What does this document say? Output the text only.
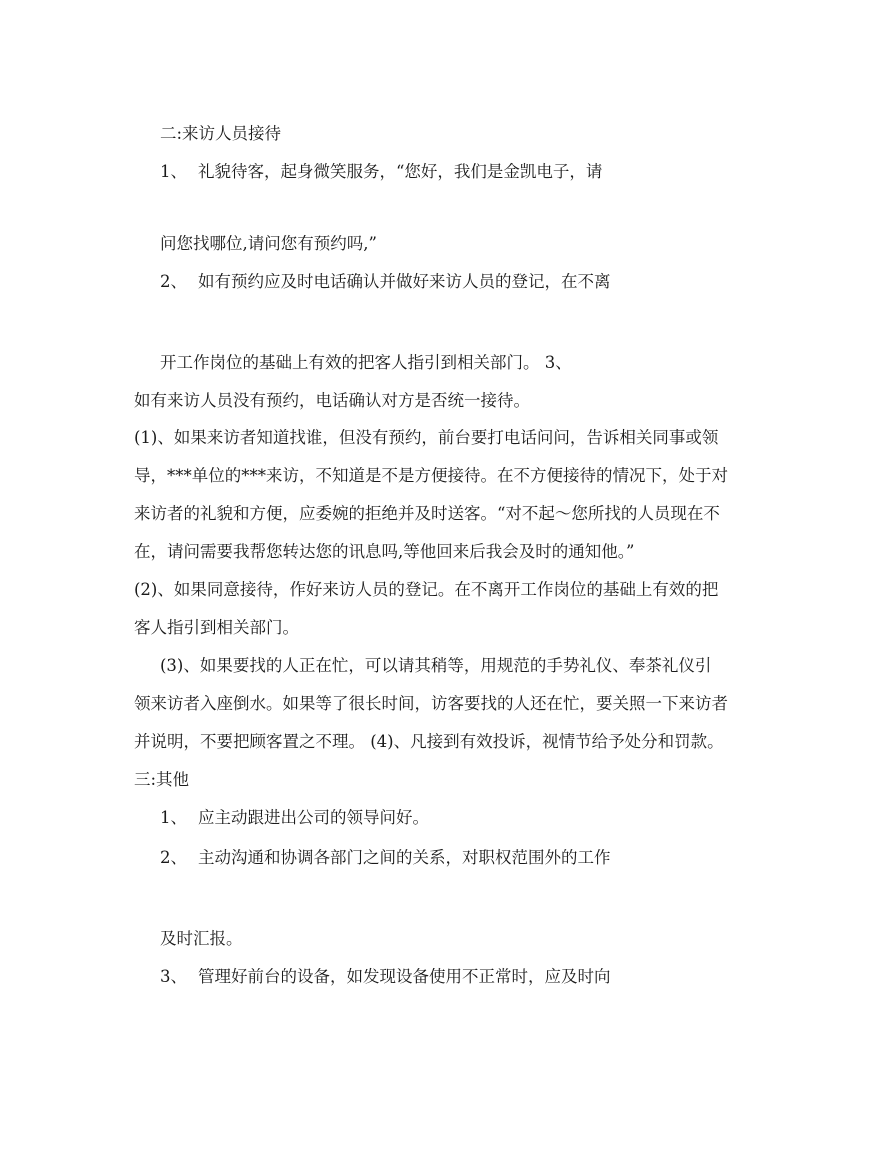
二:来访人员接待

1、 礼貌待客，起身微笑服务，“您好，我们是金凯电子，请

问您找哪位,请问您有预约吗,”

2、 如有预约应及时电话确认并做好来访人员的登记，在不离

开工作岗位的基础上有效的把客人指引到相关部门。 3、

如有来访人员没有预约，电话确认对方是否统一接待。

(1)、如果来访者知道找谁，但没有预约，前台要打电话问问，告诉相关同事或领

导，***单位的***来访，不知道是不是方便接待。在不方便接待的情况下，处于对

来访者的礼貌和方便，应委婉的拒绝并及时送客。“对不起～您所找的人员现在不

在，请问需要我帮您转达您的讯息吗,等他回来后我会及时的通知他。”

(2)、如果同意接待，作好来访人员的登记。在不离开工作岗位的基础上有效的把

客人指引到相关部门。

(3)、如果要找的人正在忙，可以请其稍等，用规范的手势礼仪、奉茶礼仪引

领来访者入座倒水。如果等了很长时间，访客要找的人还在忙，要关照一下来访者

并说明，不要把顾客置之不理。 (4)、凡接到有效投诉，视情节给予处分和罚款。

三:其他

1、 应主动跟进出公司的领导问好。

2、 主动沟通和协调各部门之间的关系，对职权范围外的工作

及时汇报。

3、 管理好前台的设备，如发现设备使用不正常时，应及时向
